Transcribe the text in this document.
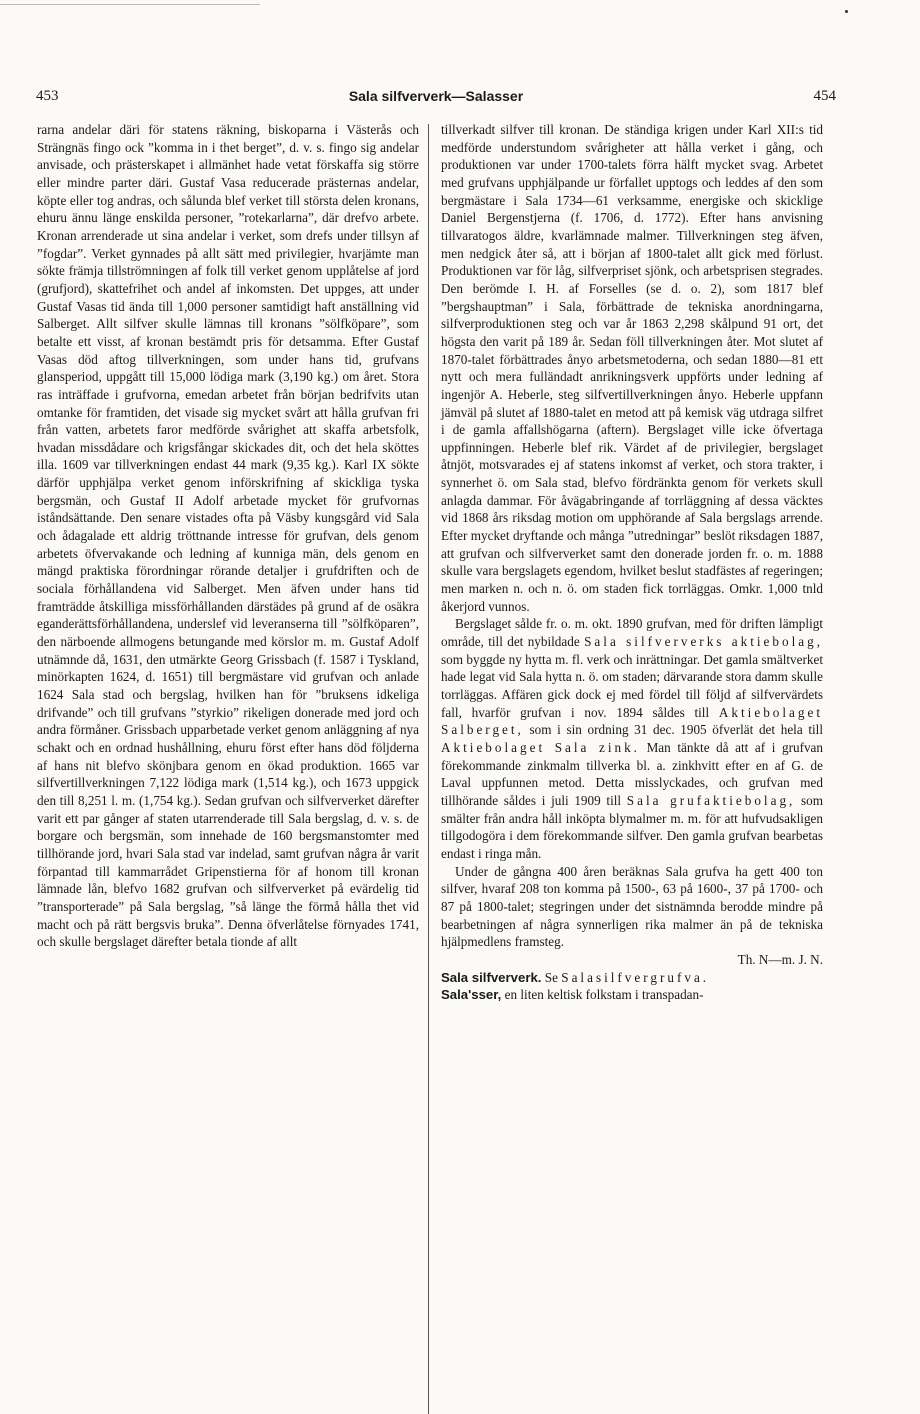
453	Sala silfververk—Salasser	454

rarna andelar däri för statens räkning, biskoparna i Västerås och Strängnäs fingo ock ”komma in i thet berget”, d. v. s. fingo sig andelar anvisade, och prästerskapet i allmänhet hade vetat förskaffa sig större eller mindre parter däri. Gustaf Vasa reducerade prästernas andelar, köpte eller tog andras, och sålunda blef verket till största delen kronans, ehuru ännu länge enskilda personer, ”rotekarlarna”, där drefvo arbete. Kronan arrenderade ut sina andelar i verket, som drefs under tillsyn af ”fogdar”. Verket gynnades på allt sätt med privilegier, hvarjämte man sökte främja tillströmningen af folk till verket genom upplåtelse af jord (grufjord), skattefrihet och andel af inkomsten. Det uppges, att under Gustaf Vasas tid ända till 1,000 personer samtidigt haft anställning vid Salberget. Allt silfver skulle lämnas till kronans ”sölfköpare”, som betalte ett visst, af kronan bestämdt pris för detsamma. Efter Gustaf Vasas död aftog tillverkningen, som under hans tid, grufvans glansperiod, uppgått till 15,000 lödiga mark (3,190 kg.) om året. Stora ras inträffade i grufvorna, emedan arbetet från början bedrifvits utan omtanke för framtiden, det visade sig mycket svårt att hålla grufvan fri från vatten, arbetets faror medförde svårighet att skaffa arbetsfolk, hvadan missdådare och krigsfångar skickades dit, och det hela sköttes illa. 1609 var tillverkningen endast 44 mark (9,35 kg.). Karl IX sökte därför upphjälpa verket genom införskrifning af skickliga tyska bergsmän, och Gustaf II Adolf arbetade mycket för grufvornas iståndsättande. Den senare vistades ofta på Väsby kungsgård vid Sala och ådagalade ett aldrig tröttnande intresse för grufvan, dels genom arbetets öfvervakande och ledning af kunniga män, dels genom en mängd praktiska förordningar rörande detaljer i grufdriften och de sociala förhållandena vid Salberget. Men äfven under hans tid framträdde åtskilliga missförhållanden därstädes på grund af de osäkra eganderättsförhållandena, underslef vid leveranserna till ”sölfköparen”, den närboende allmogens betungande med körslor m. m. Gustaf Adolf utnämnde då, 1631, den utmärkte Georg Grissbach (f. 1587 i Tyskland, minörkapten 1624, d. 1651) till bergmästare vid grufvan och anlade 1624 Sala stad och bergslag, hvilken han för ”bruksens idkeliga drifvande” och till grufvans ”styrkio” rikeligen donerade med jord och andra förmåner. Grissbach upparbetade verket genom anläggning af nya schakt och en ordnad hushållning, ehuru först efter hans död följderna af hans nit blefvo skönjbara genom en ökad produktion. 1665 var silfvertillverkningen 7,122 lödiga mark (1,514 kg.), och 1673 uppgick den till 8,251 l. m. (1,754 kg.). Sedan grufvan och silfververket därefter varit ett par gånger af staten utarrenderade till Sala bergslag, d. v. s. de borgare och bergsmän, som innehade de 160 bergsmanstomter med tillhörande jord, hvari Sala stad var indelad, samt grufvan några år varit förpantad till kammarrådet Gripenstierna för af honom till kronan lämnade lån, blefvo 1682 grufvan och silfververket på evärdelig tid ”transporterade” på Sala bergslag, ”så länge the förmå hålla thet vid macht och på rätt bergsvis bruka”. Denna öfverlåtelse förnyades 1741, och skulle bergslaget därefter betala tionde af allt

tillverkadt silfver till kronan. De ständiga krigen under Karl XII:s tid medförde understundom svårigheter att hålla verket i gång, och produktionen var under 1700-talets förra hälft mycket svag. Arbetet med grufvans upphjälpande ur förfallet upptogs och leddes af den som bergmästare i Sala 1734—61 verksamme, energiske och skicklige Daniel Bergenstjerna (f. 1706, d. 1772). Efter hans anvisning tillvaratogos äldre, kvarlämnade malmer. Tillverkningen steg äfven, men nedgick åter så, att i början af 1800-talet allt gick med förlust. Produktionen var för låg, silfverpriset sjönk, och arbetsprisen stegrades. Den berömde I. H. af Forselles (se d. o. 2), som 1817 blef ”bergshauptman” i Sala, förbättrade de tekniska anordningarna, silfverproduktionen steg och var år 1863 2,298 skålpund 91 ort, det högsta den varit på 189 år. Sedan föll tillverkningen åter. Mot slutet af 1870-talet förbättrades ånyo arbetsmetoderna, och sedan 1880—81 ett nytt och mera fulländadt anrikningsverk uppförts under ledning af ingenjör A. Heberle, steg silfvertillverkningen ånyo. Heberle uppfann jämväl på slutet af 1880-talet en metod att på kemisk väg utdraga silfret i de gamla affallshögarna (aftern). Bergslaget ville icke öfvertaga uppfinningen. Heberle blef rik. Värdet af de privilegier, bergslaget åtnjöt, motsvarades ej af statens inkomst af verket, och stora trakter, i synnerhet ö. om Sala stad, blefvo fördränkta genom för verkets skull anlagda dammar. För åvägabringande af torrläggning af dessa väcktes vid 1868 års riksdag motion om upphörande af Sala bergslags arrende. Efter mycket dryftande och många ”utredningar” beslöt riksdagen 1887, att grufvan och silfververket samt den donerade jorden fr. o. m. 1888 skulle vara bergslagets egendom, hvilket beslut stadfästes af regeringen; men marken n. och n. ö. om staden fick torrläggas. Omkr. 1,000 tnld åkerjord vunnos.

Bergslaget sålde fr. o. m. okt. 1890 grufvan, med för driften lämpligt område, till det nybildade Sala silfververks aktiebolag, som byggde ny hytta m. fl. verk och inrättningar. Det gamla smältverket hade legat vid Sala hytta n. ö. om staden; därvarande stora damm skulle torrläggas. Affären gick dock ej med fördel till följd af silfvervärdets fall, hvarför grufvan i nov. 1894 såldes till Aktiebolaget Salberget, som i sin ordning 31 dec. 1905 öfverlät det hela till Aktiebolaget Sala zink. Man tänkte då att af i grufvan förekommande zinkmalm tillverka bl. a. zinkhvitt efter en af G. de Laval uppfunnen metod. Detta misslyckades, och grufvan med tillhörande såldes i juli 1909 till Sala grufaktiebolag, som smälter från andra håll inköpta blymalmer m. m. för att hufvudsakligen tillgodogöra i dem förekommande silfver. Den gamla grufvan bearbetas endast i ringa mån.

Under de gångna 400 åren beräknas Sala grufva ha gett 400 ton silfver, hvaraf 208 ton komma på 1500-, 63 på 1600-, 37 på 1700- och 87 på 1800-talet; stegringen under det sistnämnda berodde mindre på bearbetningen af några synnerligen rika malmer än på de tekniska hjälpmedlens framsteg.

Th. N—m. J. N.

Sala silfververk. Se Salasilfvergrufva.

Sala'sser, en liten keltisk folkstam i transpadan-
